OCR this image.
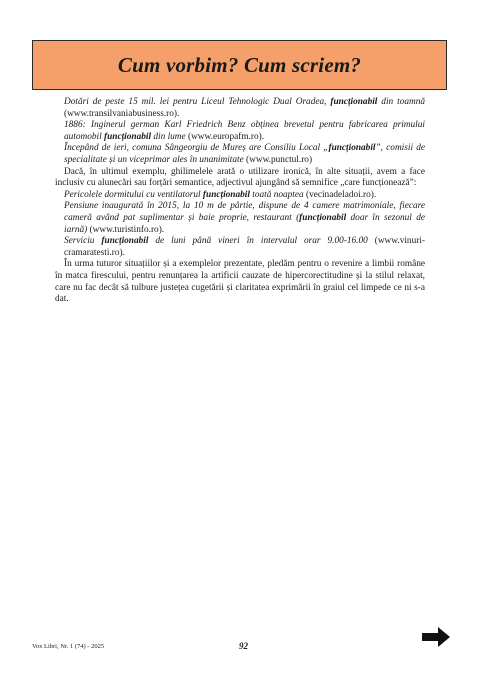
Cum vorbim? Cum scriem?

Dotări de peste 15 mil. lei pentru Liceul Tehnologic Dual Oradea, funcționabil din toamnă (www.transilvaniabusiness.ro).

1886: Inginerul german Karl Friedrich Benz obținea brevetul pentru fabricarea primului automobil funcționabil din lume (www.europafm.ro).

Începând de ieri, comuna Sângeorgiu de Mureș are Consiliu Local „funcționabil”, comisii de specialitate și un viceprimar ales în unanimitate (www.punctul.ro)

Dacă, în ultimul exemplu, ghilimelele arată o utilizare ironică, în alte situații, avem a face inclusiv cu alunecări sau forțări semantice, adjectivul ajungând să semnifice „care funcționează”:

Pericolele dormitului cu ventilatorul funcționabil toată noaptea (vecinadeladoi.ro).

Pensiune inaugurată în 2015, la 10 m de pârtie, dispune de 4 camere matrimoniale, fiecare cameră având pat suplimentar și baie proprie, restaurant (funcționabil doar în sezonul de iarnă) (www.turistinfo.ro).

Serviciu funcționabil de luni până vineri în intervalul orar 9.00-16.00 (www.vinuri-cramaratesti.ro).

În urma tuturor situațiilor și a exemplelor prezentate, pledăm pentru o revenire a limbii române în matca firescului, pentru renunțarea la artificii cauzate de hipercorectitudine și la stilul relaxat, care nu fac decât să tulbure justețea cugetării și claritatea exprimării în graiul cel limpede ce ni s-a dat.

Vox Libri, Nr. 1 (74) - 2025	92
